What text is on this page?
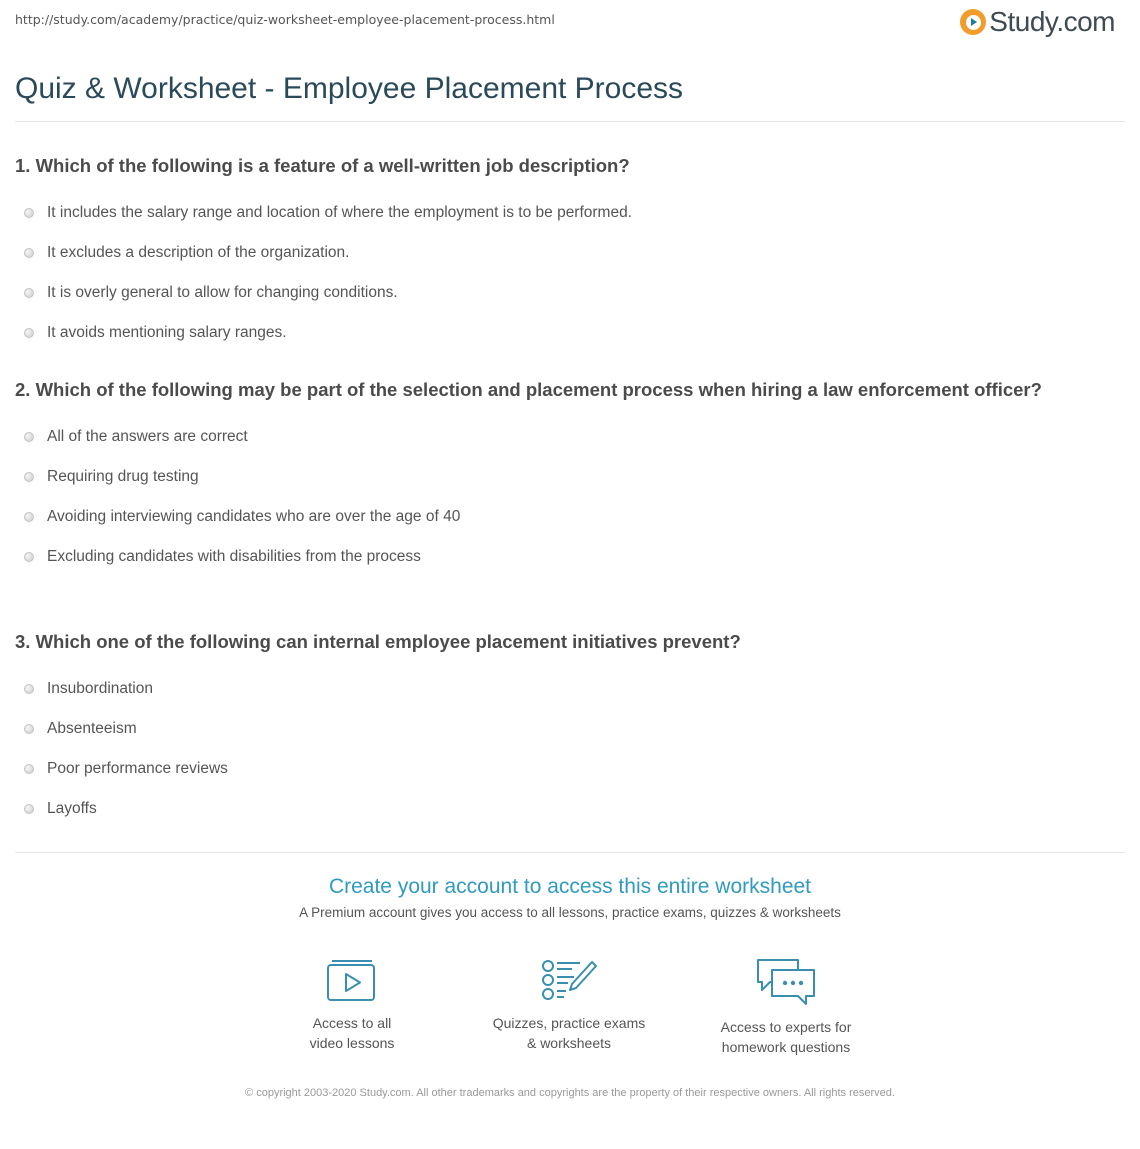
http://study.com/academy/practice/quiz-worksheet-employee-placement-process.html	Study.com
Quiz & Worksheet - Employee Placement Process
1. Which of the following is a feature of a well-written job description?
It includes the salary range and location of where the employment is to be performed.
It excludes a description of the organization.
It is overly general to allow for changing conditions.
It avoids mentioning salary ranges.
2. Which of the following may be part of the selection and placement process when hiring a law enforcement officer?
All of the answers are correct
Requiring drug testing
Avoiding interviewing candidates who are over the age of 40
Excluding candidates with disabilities from the process
3. Which one of the following can internal employee placement initiatives prevent?
Insubordination
Absenteeism
Poor performance reviews
Layoffs
Create your account to access this entire worksheet
A Premium account gives you access to all lessons, practice exams, quizzes & worksheets
Access to all
video lessons
Quizzes, practice exams
& worksheets
Access to experts for
homework questions
© copyright 2003-2020 Study.com. All other trademarks and copyrights are the property of their respective owners. All rights reserved.
